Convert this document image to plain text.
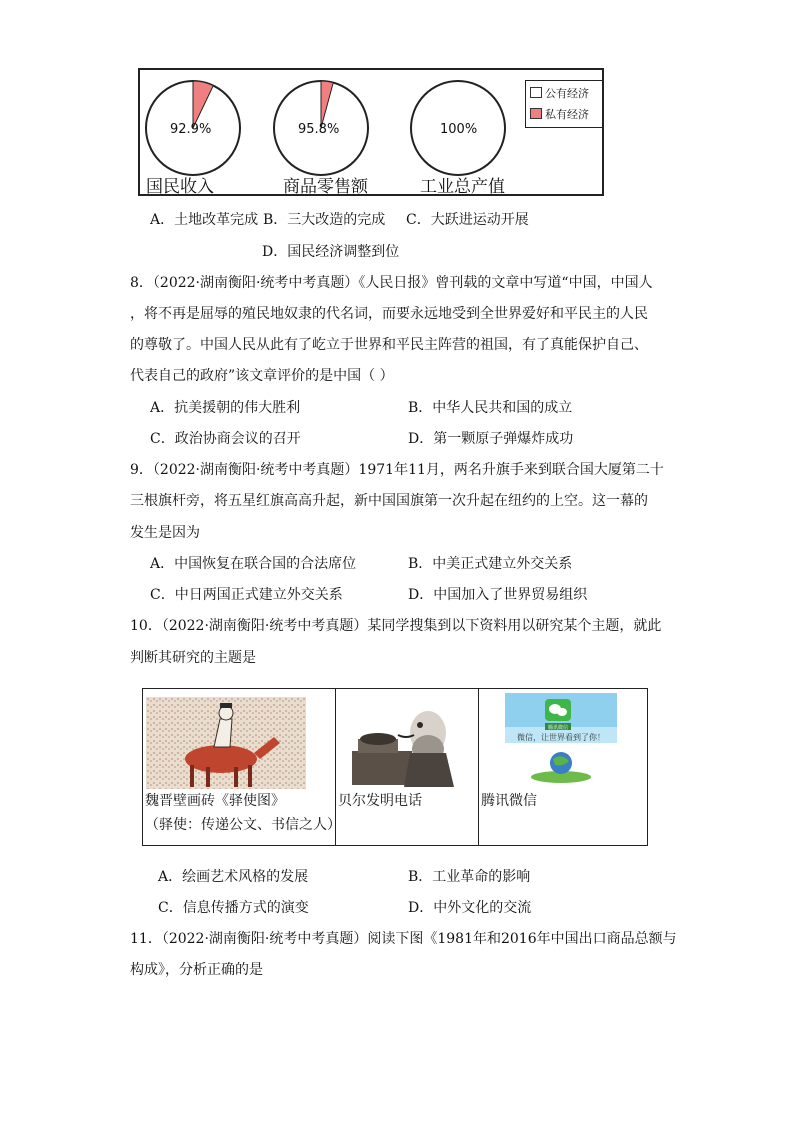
92.9%	95.8%	100%
国民收入	商品零售额	工业总产值
公有经济
私有经济
A．土地改革完成 B．三大改造的完成 C．大跃进运动开展
D．国民经济调整到位
8．（2022·湖南衡阳·统考中考真题）《人民日报》曾刊载的文章中写道“中国，中国人
，将不再是屈辱的殖民地奴隶的代名词，而要永远地受到全世界爱好和平民主的人民
的尊敬了。中国人民从此有了屹立于世界和平民主阵营的祖国，有了真能保护自己、
代表自己的政府”该文章评价的是中国（ ）
A．抗美援朝的伟大胜利	B．中华人民共和国的成立
C．政治协商会议的召开	D．第一颗原子弹爆炸成功
9．（2022·湖南衡阳·统考中考真题）1971年11月，两名升旗手来到联合国大厦第二十
三根旗杆旁，将五星红旗高高升起，新中国国旗第一次升起在纽约的上空。这一幕的
发生是因为
A．中国恢复在联合国的合法席位	B．中美正式建立外交关系
C．中日两国正式建立外交关系	D．中国加入了世界贸易组织
10．（2022·湖南衡阳·统考中考真题）某同学搜集到以下资料用以研究某个主题，就此
判断其研究的主题是
魏晋壁画砖《驿使图》
（驿使：传递公文、书信之人）

贝尔发明电话

腾讯微信
微信，让世界看到了你！
腾讯微信
A．绘画艺术风格的发展	B．工业革命的影响
C．信息传播方式的演变	D．中外文化的交流
11．（2022·湖南衡阳·统考中考真题）阅读下图《1981年和2016年中国出口商品总额与
构成》，分析正确的是
